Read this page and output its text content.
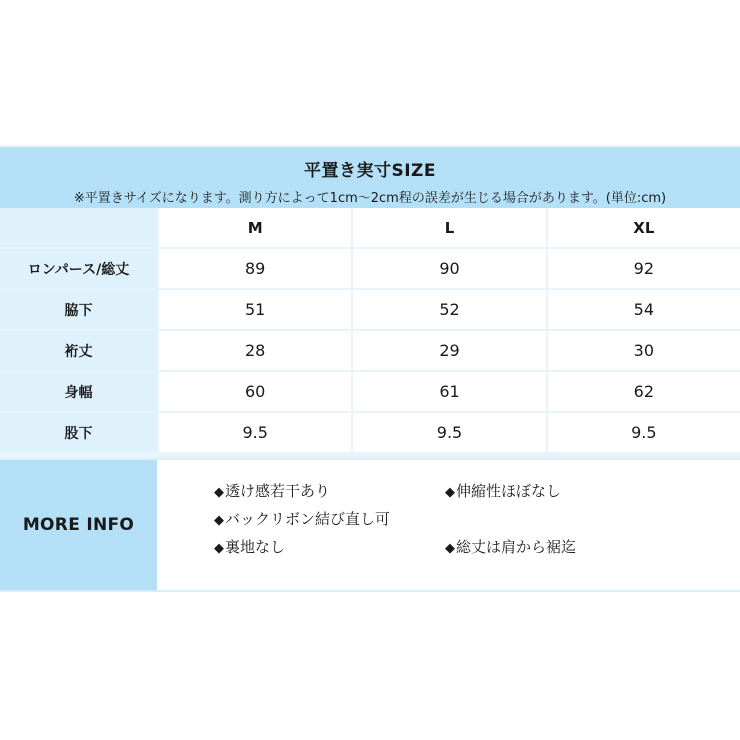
平置き実寸SIZE
※平置きサイズになります。測り方によって1cm～2cm程の誤差が生じる場合があります。(単位:cm)
	M	L	XL
ロンパース/総丈	89	90	92
脇下	51	52	54
裄丈	28	29	30
身幅	60	61	62
股下	9.5	9.5	9.5
MORE INFO
◆透け感若干あり	◆伸縮性ほぼなし
◆バックリボン結び直し可
◆裏地なし	◆総丈は肩から裾迄
